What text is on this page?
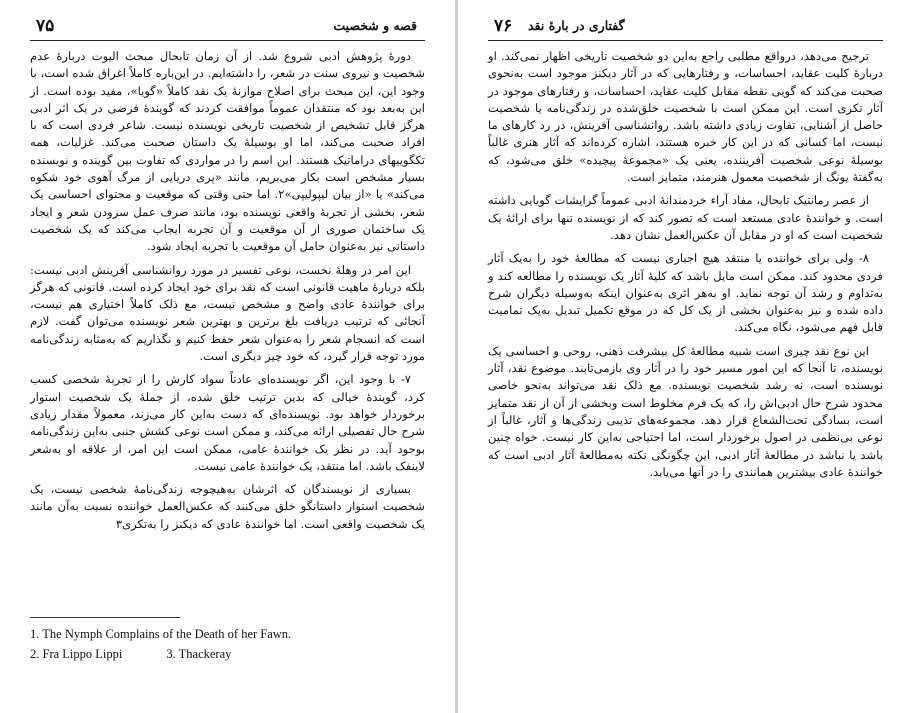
۷۵	قصه و شخصیت

دورۀ پژوهش ادبی شروع شد. از آن زمان تابحال مبحث الیوت دربارۀ عدم شخصیت و نیروی سنت در شعر، را داشته‌ایم. در این‌باره کاملاً اغراق شده است، با وجود این، این مبحث برای اصلاح موازنۀ یک نقد کاملاً «گویا»، مفید بوده است. از این به‌بعد بود که منتقدان عموماً موافقت کردند که گویندۀ فرضی در یک اثر ادبی هرگز قابل تشخیص از شخصیت تاریخی نویسنده نیست. شاعر فردی است که با افراد صحبت می‌کند، اما او بوسیلۀ یک داستان صحبت می‌کند. غزلیات، همه تکگوییهای دراماتیک هستند. این اسم را در مواردی که تفاوت بین گوینده و نویسنده بسیار مشخص است بکار می‌بریم، مانند «پری دریایی از مرگ آهوی خود شکوه می‌کند» یا «از بیان لیپولیپی»٢. اما حتی وقتی که موقعیت و محتوای احساسی یک شعر، بخشی از تجربۀ واقعی نویسنده بود، مانند صرف عمل سرودن شعر و ایجاد یک ساختمان صوری از آن موقعیت و آن تجربه ایجاب می‌کند که یک شخصیت داستانی نیز به‌عنوان حامل آن موقعیت با تجربه ایجاد شود.

این امر در وهلۀ نخست، نوعی تفسیر در مورد روانشناسی آفرینش ادبی نیست: بلکه دربارۀ ماهیت قانونی است که نقد برای خود ایجاد کرده است. قانونی که هرگز برای خوانندۀ عادی واضح و مشخص نیست، مع ذلک کاملاً اختیاری هم نیست، آنجائی که ترتیب دریافت بلغ برترین و بهترین شعر نویسنده می‌توان گفت. لازم است که انسجام شعر را به‌عنوان شعر حفظ کنیم و نگذاریم که به‌مثابه زندگی‌نامه مورد توجه قرار گیرد، که خود چیز دیگری است.

٧- با وجود این، اگر نویسنده‌ای عادتاً سواد کارش را از تجربۀ شخصی کسب کرد، گویندۀ خیالی که بدین ترتیب خلق شده، از جملۀ یک شخصیت استوار برخوردار خواهد بود. نویسنده‌ای که دست به‌این کار می‌زند، معمولاً مقدار زیادی شرح حال تفصیلی ارائه می‌کند، و ممکن است نوعی کشش جنبی به‌این زندگی‌نامه بوجود آید. در نظر یک خوانندۀ عامی، ممکن است این امر، از علاقه او به‌شعر لاینفک باشد. اما منتقد، یک خوانندۀ عامی نیست.

بسیاری از نویسندگان که اثرشان به‌هیچوجه زندگی‌نامۀ شخصی نیست، یک شخصیت استوار داستانگو خلق می‌کنند که عکس‌العمل خواننده نسبت به‌آن مانند یک شخصیت واقعی است. اما خوانندۀ عادی که دیکنز را به‌تکری٣

1. The Nymph Complains of the Death of her Fawn.
2. Fra Lippo Lippi	3. Thackeray
گفتاری در بارۀ نقد
۷۶

ترجیح می‌دهد، درواقع مطلبی راجع به‌این دو شخصیت تاریخی اظهار نمی‌کند. او دربارۀ کلیت عقاید، احساسات، و رفتارهایی که در آثار دیکنز موجود است به‌نحوی صحبت می‌کند که گویی نقطه مقابل کلیت عقاید، احساسات، و رفتارهای موجود در آثار تکری است. این ممکن است با شخصیت خلق‌شده در زندگی‌نامه یا شخصیت حاصل از آشنایی، تفاوت زیادی داشته باشد. روانشناسی آفرینش، در رد کارهای ما نیست، اما کسانی که در این کار خبره هستند، اشاره کرده‌اند که آثار هنری غالباً بوسیلۀ نوعی شخصیت آفریننده، یعنی یک «مجموعۀ پیچیده» خلق می‌شود، که به‌گفتۀ یونگ از شخصیت معمول هنرمند، متمایز است.

از عصر رمانتیک تابحال، مفاد آراء خردمندانۀ ادبی عموماً گرایشات گویایی داشته است. و خوانندۀ عادی مستعد است که تصور کند که از نویسنده تنها برای ارائۀ یک شخصیت است که او در مقابل آن عکس‌العمل نشان دهد.

٨- ولی برای خواننده یا منتقد هیچ اجباری نیست که مطالعۀ خود را به‌یک آثار فردی محدود کند. ممکن است مایل باشد که کلیۀ آثار یک نویسنده را مطالعه کند و به‌تداوم و رشد آن توجه نماید. او به‌هر اثری به‌عنوان اینکه به‌وسیله دیگران شرح داده شده و نیز به‌عنوان بخشی از یک کل که در موقع تکمیل تبدیل به‌یک تمامیت قابل فهم می‌شود، نگاه می‌کند.

این نوع نقد چیزی است شبیه مطالعۀ کل بیشرفت ذهنی، روحی و احساسی یک نویسنده، تا آنجا که این امور مسیر خود را در آثار وی بازمی‌تابند. موضوع نقد، آثار نویسنده است، نه رشد شخصیت نویسنده. مع ذلک نقد می‌تواند به‌نحو خاصی محدود شرح حال ادبی‌اش را، که یک فرم مخلوط است وبخشی از آن از نقد متمایز است، بسادگی تحت‌الشعاع قرار دهد. مجموعه‌های تذیبی زندگی‌ها و آثار، غالباً از نوعی بی‌نظمی در اصول برخوردار است، اما احتیاجی به‌این کار نیست. خواه چنین باشد یا نباشد در مطالعۀ آثار ادبی، این چگونگی نکته به‌مطالعۀ آثار ادبی است که خوانندۀ عادی بیشترین همانندی را در آنها می‌یابد.
